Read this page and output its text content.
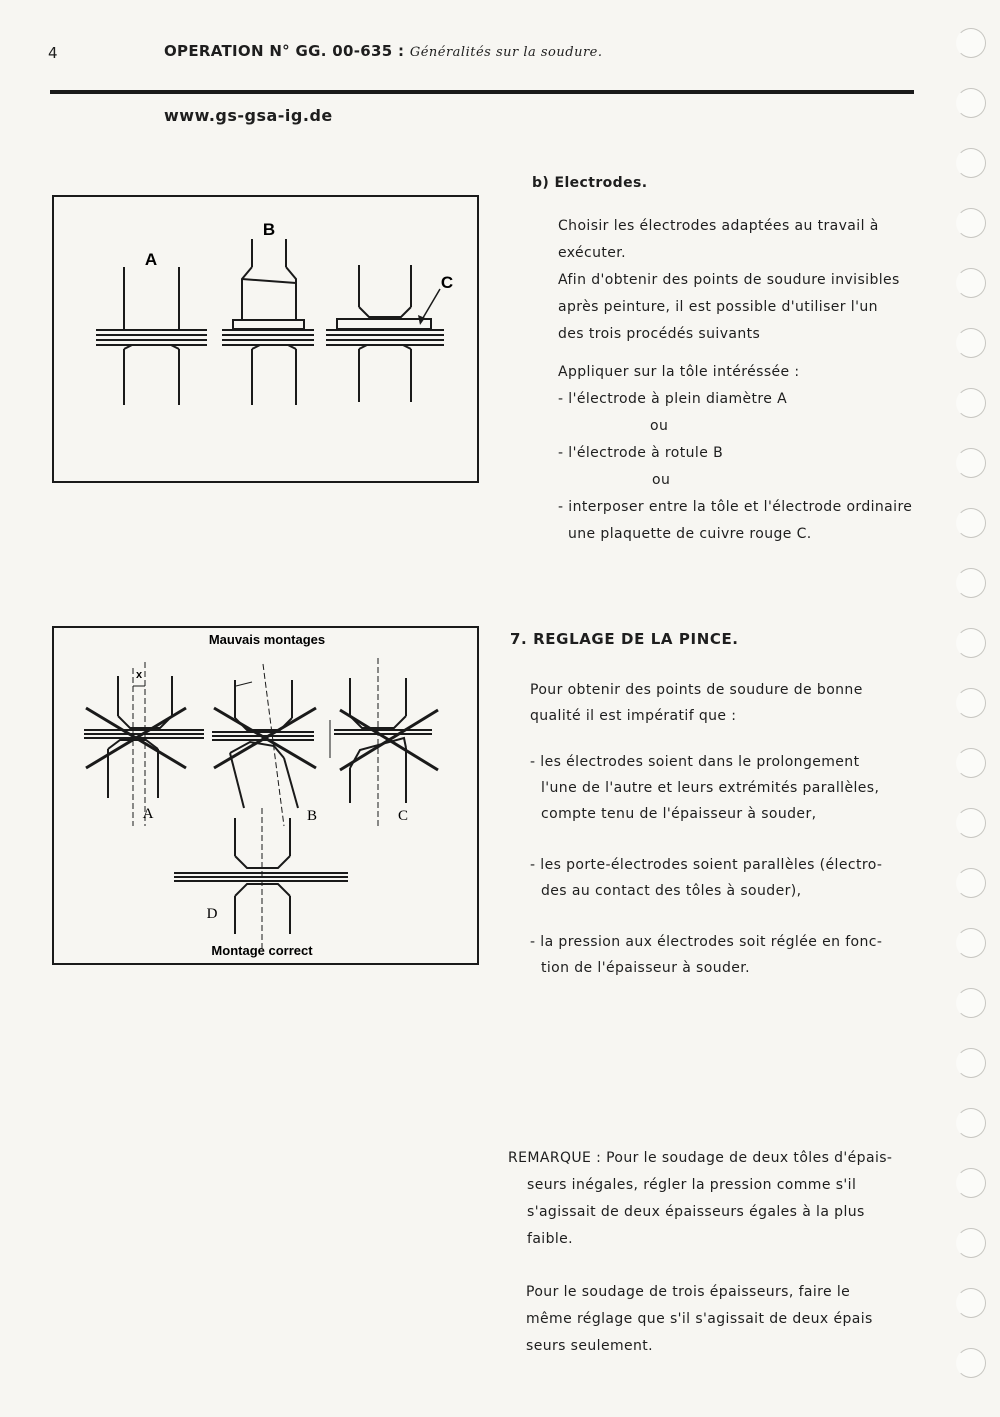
4	OPERATION N° GG. 00-635 : Généralités sur la soudure.
www.gs-gsa-ig.de
A
B
C
b) Electrodes.
Choisir les électrodes adaptées au travail à
exécuter.
Afin d'obtenir des points de soudure invisibles
après peinture, il est possible d'utiliser l'un
des trois procédés suivants
Appliquer sur la tôle intéréssée :
- l'électrode à plein diamètre A
ou
- l'électrode à rotule B
ou
- interposer entre la tôle et l'électrode ordinaire
une plaquette de cuivre rouge C.
Mauvais montages
x
A	B	C
D
Montage correct
7. REGLAGE DE LA PINCE.
Pour obtenir des points de soudure de bonne
qualité il est impératif que :
- les électrodes soient dans le prolongement
l'une de l'autre et leurs extrémités parallèles,
compte tenu de l'épaisseur à souder,
- les porte-électrodes soient parallèles (électro-
des au contact des tôles à souder),
- la pression aux électrodes soit réglée en fonc-
tion de l'épaisseur à souder.
REMARQUE : Pour le soudage de deux tôles d'épais-
seurs inégales, régler la pression comme s'il
s'agissait de deux épaisseurs égales à la plus
faible.
Pour le soudage de trois épaisseurs, faire le
même réglage que s'il s'agissait de deux épais
seurs seulement.
